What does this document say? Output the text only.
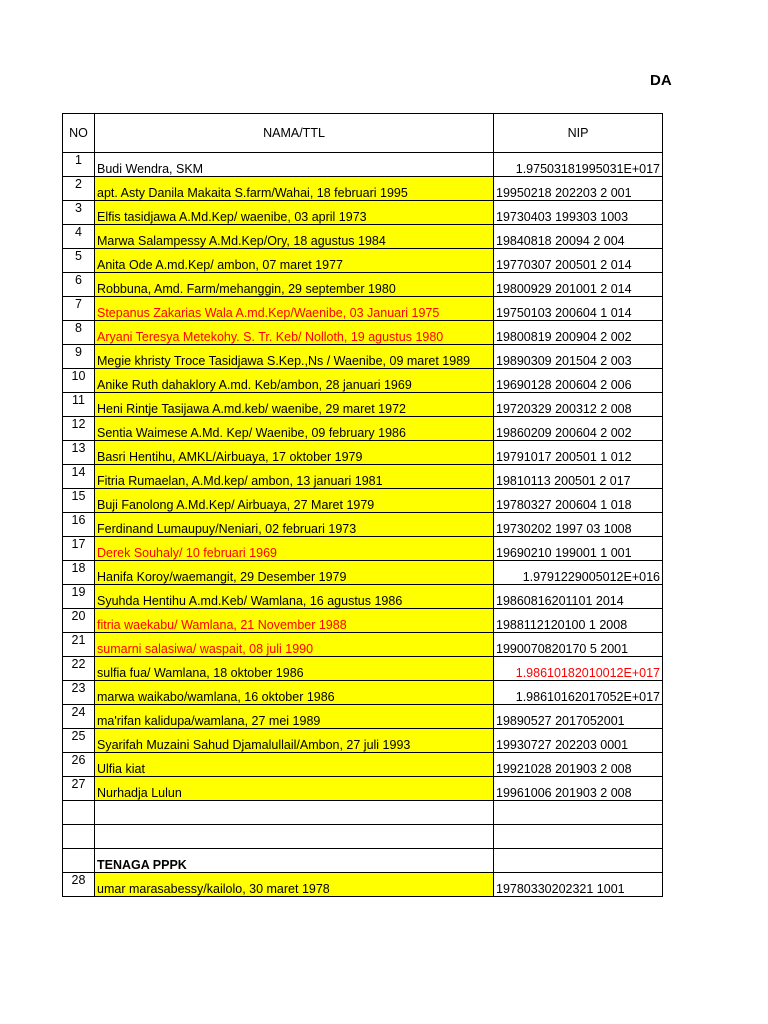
DA
NO	NAMA/TTL	NIP
1	Budi Wendra, SKM	1.97503181995031E+017
2	apt. Asty Danila Makaita S.farm/Wahai, 18 februari 1995	19950218 202203 2 001
3	Elfis tasidjawa A.Md.Kep/ waenibe, 03 april 1973	19730403 199303 1003
4	Marwa Salampessy A.Md.Kep/Ory, 18 agustus 1984	19840818 20094 2 004
5	Anita Ode A.md.Kep/ ambon, 07 maret 1977	19770307 200501 2 014
6	Robbuna, Amd. Farm/mehanggin, 29 september 1980	19800929 201001 2 014
7	Stepanus Zakarias Wala A.md.Kep/Waenibe, 03 Januari 1975	19750103 200604 1 014
8	Aryani Teresya Metekohy. S. Tr. Keb/ Nolloth, 19 agustus 1980	19800819 200904 2 002
9	Megie khristy Troce Tasidjawa S.Kep.,Ns / Waenibe, 09 maret 1989	19890309 201504 2 003
10	Anike Ruth dahaklory A.md. Keb/ambon, 28 januari 1969	19690128 200604 2 006
11	Heni Rintje Tasijawa A.md.keb/ waenibe, 29 maret 1972	19720329 200312 2 008
12	Sentia Waimese A.Md. Kep/ Waenibe, 09 february 1986	19860209 200604 2 002
13	Basri Hentihu, AMKL/Airbuaya, 17 oktober 1979	19791017 200501 1 012
14	Fitria Rumaelan, A.Md.kep/ ambon, 13 januari 1981	19810113 200501 2 017
15	Buji Fanolong A.Md.Kep/ Airbuaya, 27 Maret 1979	19780327 200604 1 018
16	Ferdinand Lumaupuy/Neniari, 02 februari 1973	19730202 1997 03 1008
17	Derek Souhaly/ 10 februari 1969	19690210 199001 1 001
18	Hanifa Koroy/waemangit, 29 Desember 1979	1.9791229005012E+016
19	Syuhda Hentihu A.md.Keb/ Wamlana, 16 agustus 1986	19860816201101 2014
20	fitria waekabu/ Wamlana, 21 November 1988	1988112120100 1 2008
21	sumarni salasiwa/ waspait, 08 juli 1990	1990070820170 5 2001
22	sulfia fua/ Wamlana, 18 oktober 1986	1.98610182010012E+017
23	marwa waikabo/wamlana, 16 oktober 1986	1.98610162017052E+017
24	ma'rifan kalidupa/wamlana, 27 mei 1989	19890527 2017052001
25	Syarifah Muzaini Sahud Djamalullail/Ambon, 27 juli 1993	19930727 202203 0001
26	Ulfia kiat	19921028 201903 2 008
27	Nurhadja Lulun	19961006 201903 2 008

	TENAGA PPPK	
28	umar marasabessy/kailolo, 30 maret 1978	19780330202321 1001
